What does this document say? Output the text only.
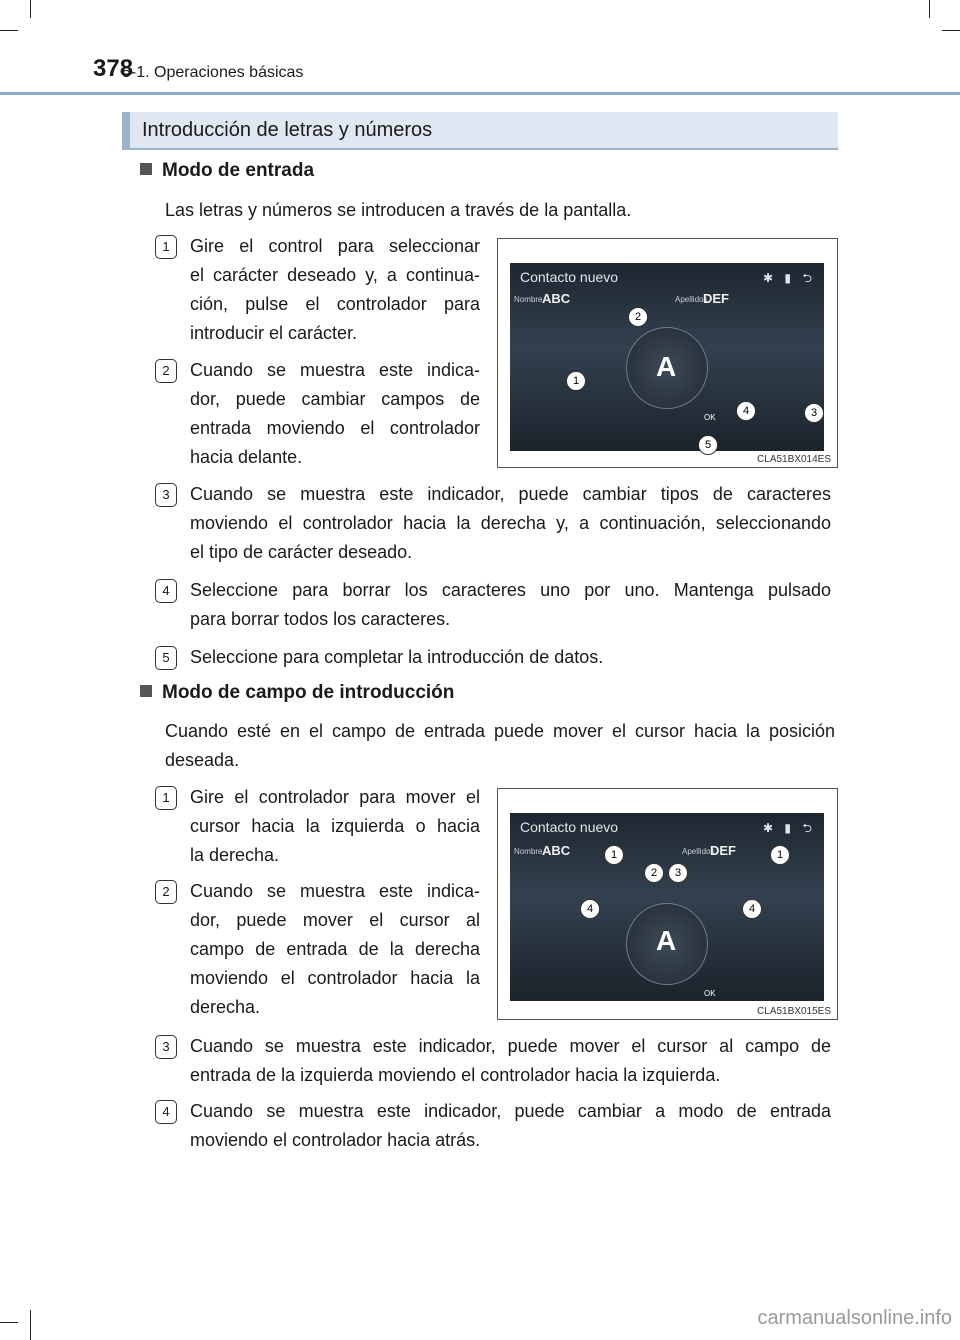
378
5-1. Operaciones básicas
Introducción de letras y números
Modo de entrada
Las letras y números se introducen a través de la pantalla.
1	Gire el control para seleccionar
el carácter deseado y, a continua-
ción, pulse el controlador para
introducir el carácter.
2	Cuando se muestra este indica-
dor, puede cambiar campos de
entrada moviendo el controlador
hacia delante.
Contacto nuevo	✱ ▮ ⮌
Nombre ABC	Apellidos
DEF
A
OK
2
1
4	3
5
CLA51BX014ES
3	Cuando se muestra este indicador, puede cambiar tipos de caracteres
moviendo el controlador hacia la derecha y, a continuación, seleccionando
el tipo de carácter deseado.
4	Seleccione para borrar los caracteres uno por uno. Mantenga pulsado
para borrar todos los caracteres.
5	Seleccione para completar la introducción de datos.
Modo de campo de introducción
Cuando esté en el campo de entrada puede mover el cursor hacia la posición
deseada.
1	Gire el controlador para mover el
cursor hacia la izquierda o hacia
la derecha.
2	Cuando se muestra este indica-
dor, puede mover el cursor al
campo de entrada de la derecha
moviendo el controlador hacia la
derecha.
Contacto nuevo	✱ ▮ ⮌
Nombre ABC	Apellidos
DEF
A
OK
1	1
2	3
4	4
CLA51BX015ES
3	Cuando se muestra este indicador, puede mover el cursor al campo de
entrada de la izquierda moviendo el controlador hacia la izquierda.
4	Cuando se muestra este indicador, puede cambiar a modo de entrada
moviendo el controlador hacia atrás.
carmanualsonline.info
